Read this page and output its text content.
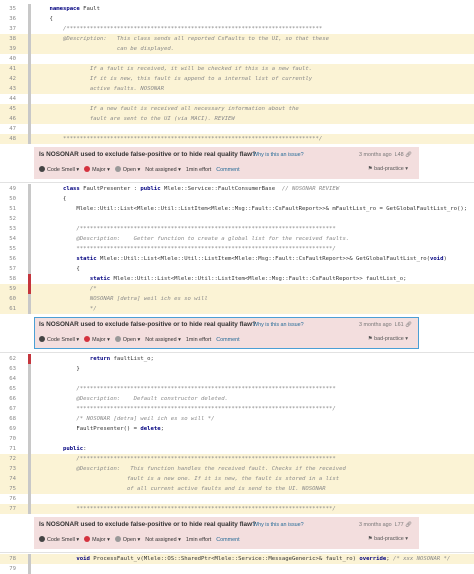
35	namespace Fault
36	{
37	/****************************************************************************
38	@Description:   This class sends all reported CsFaults to the UI, so that these
39	can be displayed.
40
41	If a fault is received, it will be checked if this is a new fault.
42	If it is new, this fault is append to a internal list of currently
43	active faults. NOSONAR
44
45	If a new fault is received all necessary information about the
46	fault are sent to the UI (via MACI). REVIEW
47
48	****************************************************************************/
Is NOSONAR used to exclude false-positive or to hide real quality flaw?
Why is this an issue?	3 months ago L48 🔗︎
Code Smell ▾ Major ▾ Open ▾ Not assigned ▾ 1min effort Comment	⚑ bad-practice ▾
49	class FaultPresenter : public Mlele::Service::FaultConsumerBase  // NOSONAR REVIEW
50	{
51	Mlele::Util::List<Mlele::Util::ListItem<Mlele::Msg::Fault::CsFaultReport>>& mFaultList_ro = GetGlobalFaultList_ro();
52
53	/****************************************************************************
54	@Description:    Getter function to create a global list for the received faults.
55	****************************************************************************/
56	static Mlele::Util::List<Mlele::Util::ListItem<Mlele::Msg::Fault::CsFaultReport>>& GetGlobalFaultList_ro(void)
57	{
58	static Mlele::Util::List<Mlele::Util::ListItem<Mlele::Msg::Fault::CsFaultReport>> faultList_o;
59	/*
60	NOSONAR [detra] weil ich es so will
61	*/
Is NOSONAR used to exclude false-positive or to hide real quality flaw?
Why is this an issue?	3 months ago L61 🔗︎
Code Smell ▾ Major ▾ Open ▾ Not assigned ▾ 1min effort Comment	⚑ bad-practice ▾
62	return faultList_o;
63	}
64
65	/****************************************************************************
66	@Description:    Default constructor deleted.
67	****************************************************************************/
68	/* NOSONAR [detra] weil ich es so will */
69	FaultPresenter() = delete;
70
71	public:
72	/****************************************************************************
73	@Description:   This function handles the received fault. Checks if the received
74	fault is a new one. If it is new, the fault is stored in a list
75	of all current active faults and is send to the UI. NOSONAR
76
77	****************************************************************************/
Is NOSONAR used to exclude false-positive or to hide real quality flaw?
Why is this an issue?	3 months ago L77 🔗︎
Code Smell ▾ Major ▾ Open ▾ Not assigned ▾ 1min effort Comment	⚑ bad-practice ▾
78	void ProcessFault_v(Mlele::OS::SharedPtr<Mlele::Service::MessageGeneric>& fault_ro) override; /* xxx NOSONAR */
79
